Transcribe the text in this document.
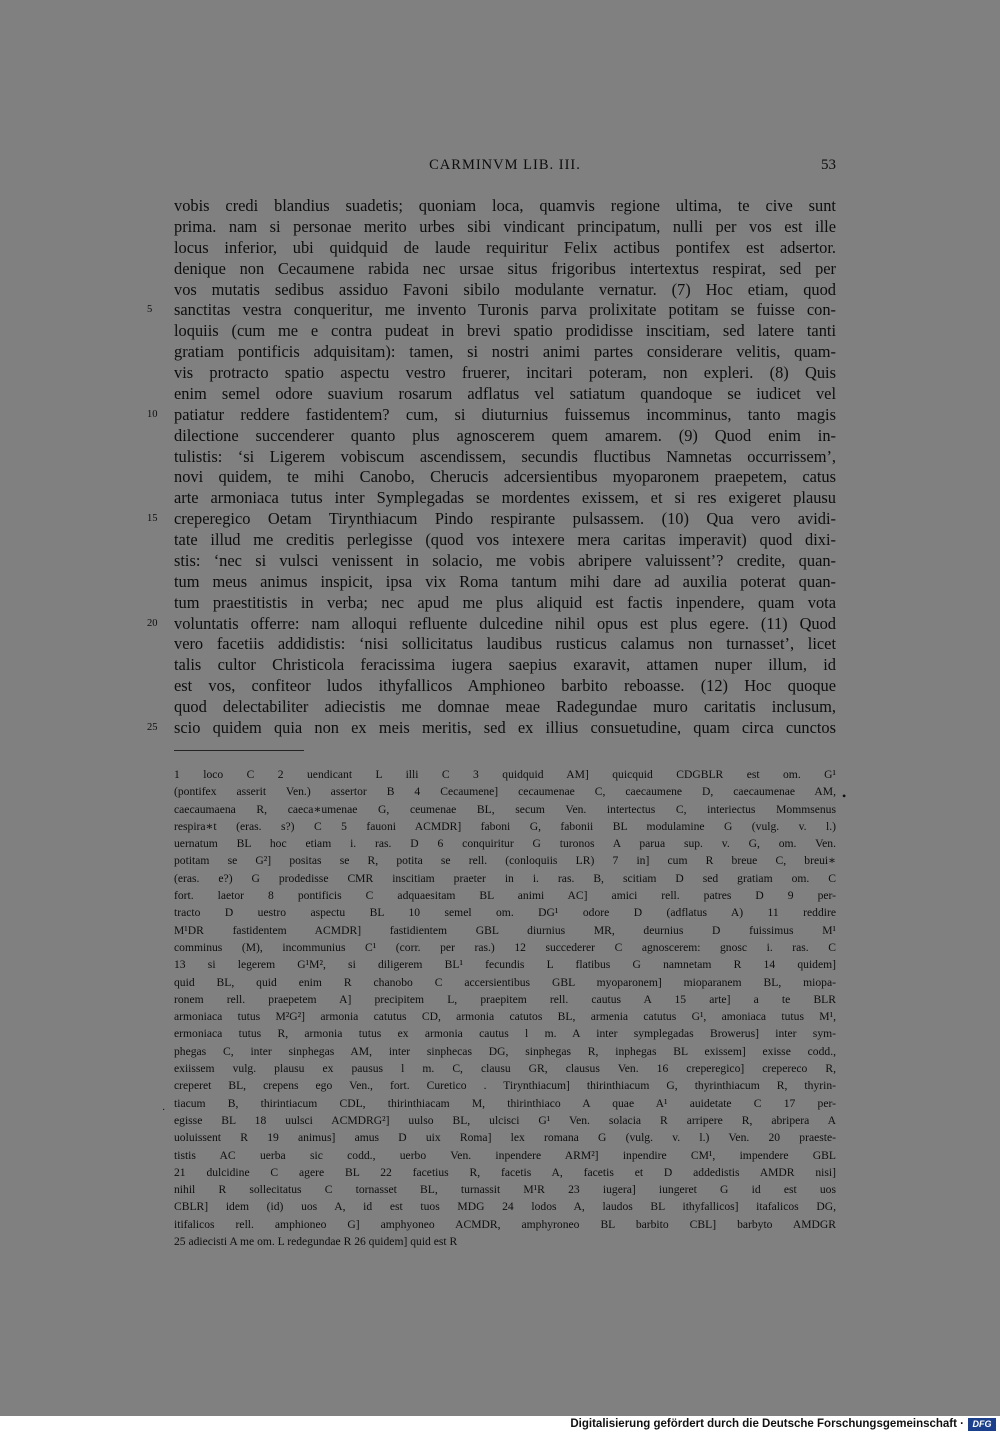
CARMINVM LIB. III.	53
vobis credi blandius suadetis; quoniam loca, quamvis regione ultima, te cive sunt
prima. nam si personae merito urbes sibi vindicant principatum, nulli per vos est ille
locus inferior, ubi quidquid de laude requiritur Felix actibus pontifex est adsertor.
denique non Cecaumene rabida nec ursae situs frigoribus intertextus respirat, sed per
vos mutatis sedibus assiduo Favoni sibilo modulante vernatur. (7) Hoc etiam, quod
5	sanctitas vestra conqueritur, me invento Turonis parva prolixitate potitam se fuisse con-
loquiis (cum me e contra pudeat in brevi spatio prodidisse inscitiam, sed latere tanti
gratiam pontificis adquisitam): tamen, si nostri animi partes considerare velitis, quam-
vis protracto spatio aspectu vestro fruerer, incitari poteram, non expleri. (8) Quis
enim semel odore suavium rosarum adflatus vel satiatum quandoque se iudicet vel
10	patiatur reddere fastidentem? cum, si diuturnius fuissemus incomminus, tanto magis
dilectione succenderer quanto plus agnoscerem quem amarem. (9) Quod enim in-
tulistis: ‘si Ligerem vobiscum ascendissem, secundis fluctibus Namnetas occurrissem’,
novi quidem, te mihi Canobo, Cherucis adcersientibus myoparonem praepetem, catus
arte armoniaca tutus inter Symplegadas se mordentes exissem, et si res exigeret plausu
15	creperegico Oetam Tirynthiacum Pindo respirante pulsassem. (10) Qua vero avidi-
tate illud me creditis perlegisse (quod vos intexere mera caritas imperavit) quod dixi-
stis: ‘nec si vulsci venissent in solacio, me vobis abripere valuissent’? credite, quan-
tum meus animus inspicit, ipsa vix Roma tantum mihi dare ad auxilia poterat quan-
tum praestitistis in verba; nec apud me plus aliquid est factis inpendere, quam vota
20	voluntatis offerre: nam alloqui refluente dulcedine nihil opus est plus egere. (11) Quod
vero facetiis addidistis: ‘nisi sollicitatus laudibus rusticus calamus non turnasset’, licet
talis cultor Christicola feracissima iugera saepius exaravit, attamen nuper illum, id
est vos, confiteor ludos ithyfallicos Amphioneo barbito reboasse. (12) Hoc quoque
quod delectabiliter adiecistis me domnae meae Radegundae muro caritatis inclusum,
25	scio quidem quia non ex meis meritis, sed ex illius consuetudine, quam circa cunctos
1 loco C 2 uendicant L illi C 3 quidquid AM] quicquid CDGBLR est om. G¹
(pontifex asserit Ven.) assertor B 4 Cecaumene] cecaumenae C, caecaumene D, caecaumenae AM,
caecaumaena R, caeca∗umenae G, ceumenae BL, secum Ven. intertectus C, interiectus Mommsenus
respira∗t (eras. s?) C 5 fauoni ACMDR] faboni G, fabonii BL modulamine G (vulg. v. l.)
uernatum BL hoc etiam i. ras. D 6 conquiritur G turonos A parua sup. v. G, om. Ven.
potitam se G²] positas se R, potita se rell. (conloquiis LR) 7 in] cum R breue C, breui∗
(eras. e?) G prodedisse CMR inscitiam praeter in i. ras. B, scitiam D sed gratiam om. C
fort. laetor 8 pontificis C adquaesitam BL animi AC] amici rell. patres D 9 per-
tracto D uestro aspectu BL 10 semel om. DG¹ odore D (adflatus A) 11 reddire
M¹DR fastidentem ACMDR] fastidientem GBL diurnius MR, deurnius D fuissimus M¹
comminus (M), incommunius C¹ (corr. per ras.) 12 succederer C agnoscerem: gnosc i. ras. C
13 si legerem G¹M², si diligerem BL¹ fecundis L flatibus G namnetam R 14 quidem]
quid BL, quid enim R chanobo C accersientibus GBL myoparonem] mioparanem BL, miopa-
ronem rell. praepetem A] precipitem L, praepitem rell. cautus A 15 arte] a te BLR
armoniaca tutus M²G²] armonia catutus CD, armonia catutos BL, armenia catutus G¹, amoniaca tutus M¹,
ermoniaca tutus R, armonia tutus ex armonia cautus l m. A inter symplegadas Browerus] inter sym-
phegas C, inter sinphegas AM, inter sinphecas DG, sinphegas R, inphegas BL exissem] exisse codd.,
exiissem vulg. plausu ex pausus l m. C, clausu GR, clausus Ven. 16 creperegico] crepereco R,
creperet BL, crepens ego Ven., fort. Curetico . Tirynthiacum] thirinthiacum G, thyrinthiacum R, thyrin-
tiacum B, thirintiacum CDL, thirinthiacam M, thirinthiaco A quae A¹ auidetate C 17 per-
egisse BL 18 uulsci ACMDRG²] uulso BL, ulcisci G¹ Ven. solacia R arripere R, abripera A
uoluissent R 19 animus] amus D uix Roma] lex romana G (vulg. v. l.) Ven. 20 praeste-
tistis AC uerba sic codd., uerbo Ven. inpendere ARM²] inpendire CM¹, impendere GBL
21 dulcidine C agere BL 22 facetius R, facetis A, facetis et D addedistis AMDR nisi]
nihil R sollecitatus C tornasset BL, turnassit M¹R 23 iugera] iungeret G id est uos
CBLR] idem (id) uos A, id est tuos MDG 24 lodos A, laudos BL ithyfallicos] itafalicos DG,
itifalicos rell. amphioneo G] amphyoneo ACMDR, amphyroneo BL barbito CBL] barbyto AMDGR
25 adiecisti A me om. L redegundae R 26 quidem] quid est R
•
·
Digitalisierung gefördert durch die Deutsche Forschungsgemeinschaft · DFG
